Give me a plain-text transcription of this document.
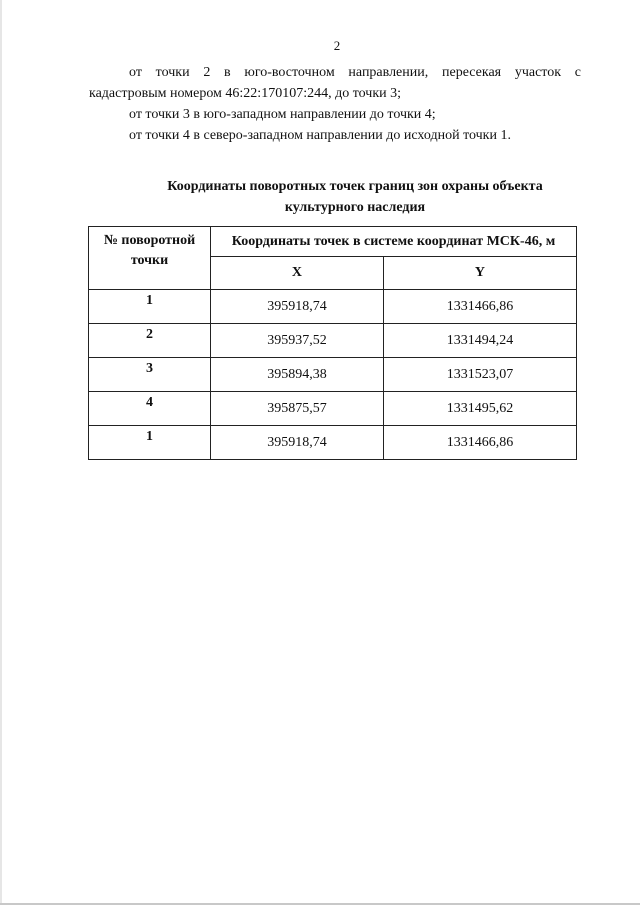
2

от точки 2 в юго-восточном направлении, пересекая участок с

кадастровым номером 46:22:170107:244, до точки 3;

от точки 3 в юго-западном направлении до точки 4;

от точки 4 в северо-западном направлении до исходной точки 1.

Координаты поворотных точек границ зон охраны объекта
культурного наследия
№ поворотной точки	Координаты точек в системе координат МСК-46, м	
	X	Y
1	395918,74	1331466,86
2	395937,52	1331494,24
3	395894,38	1331523,07
4	395875,57	1331495,62
1	395918,74	1331466,86
